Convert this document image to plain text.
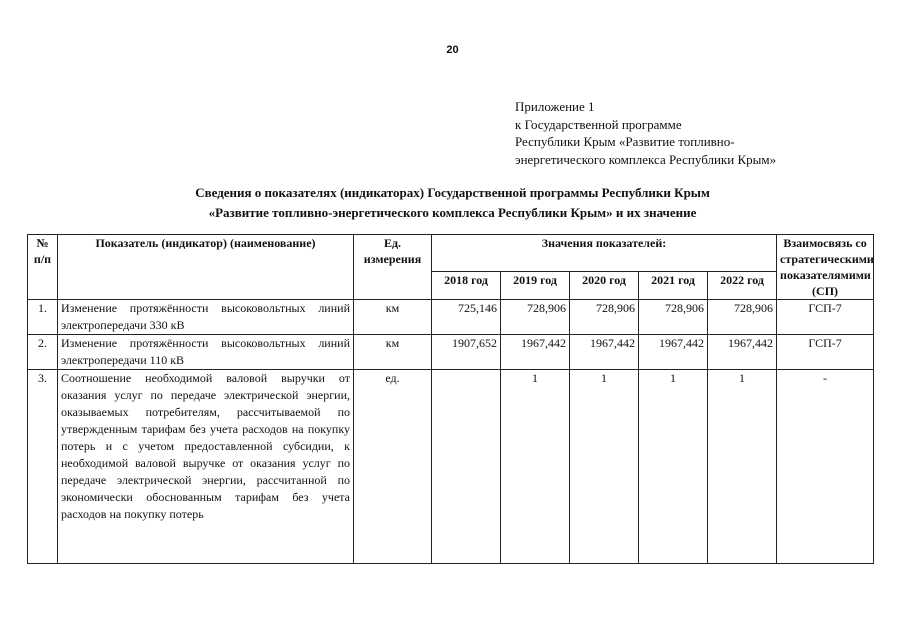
20
Приложение 1
к Государственной программе
Республики Крым «Развитие топливно-
энергетического комплекса Республики Крым»
Сведения о показателях (индикаторах) Государственной программы Республики Крым
«Развитие топливно-энергетического комплекса Республики Крым» и их значение
№ п/п	Показатель (индикатор) (наименование)	Ед. измерения	Значения показателей:					Взаимосвязь со стратегическими показателямими (СП)
			2018 год	2019 год	2020 год	2021 год	2022 год	
1.	Изменение протяжённости высоковольтных линий электропередачи 330 кВ	км	725,146	728,906	728,906	728,906	728,906	ГСП-7
2.	Изменение протяжённости высоковольтных линий электропередачи 110 кВ	км	1907,652	1967,442	1967,442	1967,442	1967,442	ГСП-7
3.	Соотношение необходимой валовой выручки от оказания услуг по передаче электрической энергии, оказываемых потребителям, рассчитываемой по утвержденным тарифам без учета расходов на покупку потерь и с учетом предоставленной субсидии, к необходимой валовой выручке от оказания услуг по передаче электрической энергии, рассчитанной по экономически обоснованным тарифам без учета расходов на покупку потерь	ед.		1	1	1	1	-
